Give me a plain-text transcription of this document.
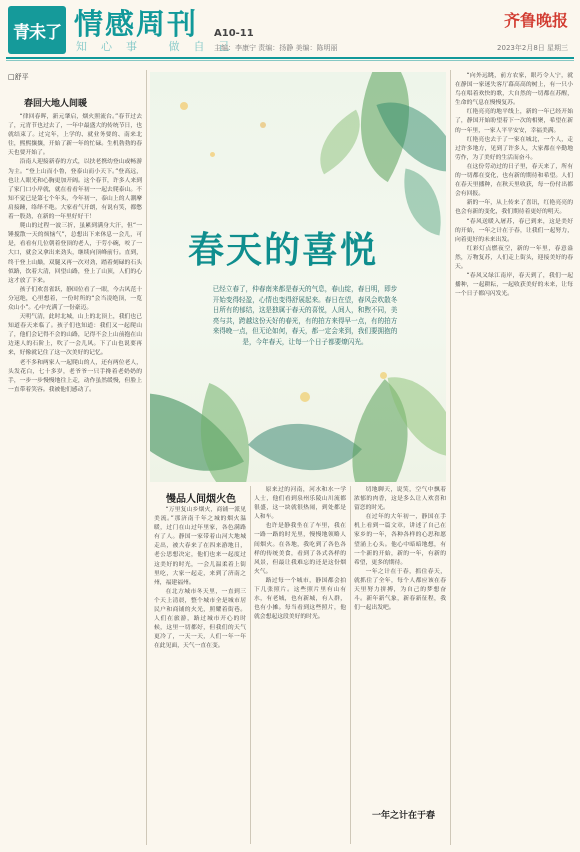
青未了 情感周刊
知心事 做自己
A10-11
主编：李康宁 责编：扬静 美编：陈明丽
齐鲁晚报
2023年2月8日 星期三
□舒平
春回大地人间暖

“律回春晖，新元肇启，烟火照流台。”春节过去了，元宵节也过去了，一年中最盛大的传统节日，也就结束了。过完年，上学的、就业务要的、南来北往，熙熙攘攘，开始了新一年的忙碌。生机勃勃的春天也要开始了。

沿南人迎接新春的方式，以扶老携幼登山或畅游为主。“登上山而小鲁，登泰山而小天下。”登高远，也让人眼光和心胸更加开阔。这个春节，许多人来到了家门口小岸就，就在看看年初一一起去爬泰山。不知不觉已是第七个年头，今年初一，泰山上的人潮摩肩接踵，络绎不绝。大家看气开朗，有说有笑，都憋着一股劲，在新的一年里好好干！

爬山的过程一波三折，虽累到满身大汗，但“一锤搅散一天的烦恼气”，总想出下来休息一会儿，可是，看看有几位朝着登顶的老人，于劳小碗，咬了一大口，就会又拿出来劲头，继续向顶峰前行。直到，终于登上山巅，双腿又再一次对劲，踏着刻碌的石头似路，饮着大清，回望山路，登上了山顶，人们的心这才放了下来。

孩子们欢喜雀跃，静国位看了一眼，今古风范十分冠绝，心里想着，一份时所的“会当凌绝顶，一览众山小”。心中充满了一份豪迈。

天明气清，此时北城，山上的北顶上，我们也已知道春天来临了。孩子们也知道：我们又一起爬山了，他们会记得不会的山路，记得不会上山前抱在山边迷人的石阶上，吹了一会儿风。下了山也说要再来，好像就记住了这一次美好的记忆。

老不多和两家人一起爬山的人，还有两位老人，头发花白，七十多岁，老爷爷一只手搀着老奶奶的手，一步一步慢慢地往上走，动作虽然缓慢，但脸上一直带着笑容。我被他们感动了。

春天的喜悦
已经立春了，仲春南来都是春天的气息，春山绽，春日明，即步开始变得轻盈，心情也变得舒展起来。春日在望，春风会吹散冬日所有的郁结，这是独属于春天的喜悦，人间人，和煦不同，美亮与共，跨越这份天好的春光，有的拍方来得早一点，有的拍方来得晚一点，但无论如何，春天，都一定会来到，我们要拥抱的是，今年春天，让每一个日子都要燎闪光。

“向外远眺，前方农家，眼巧令人宁，就在静国一家迷失客厅幕高高的树上，有一只小鸟在唱着欢快的歌，大自然的一切都在苏醒，生命的气息在慢慢复苏。

红艳亮亮的地平线上，新的一年已经开始了，静国开始盼望着下一次的相聚，希望在新的一年里，一家人平平安安，幸福美满。

红艳亮也去于了一家在城北，一个人，走过许多地方，见到了许多人，大家都在辛勤地劳作，为了美好的生活而奋斗。

在这份劳动过的日子里，春天来了，所有的一切都在变化，也有新的期待和希望。人们在春天里播种，在秋天里收获，每一份付出都会有回报。

新的一年，从上传来了喜讯，红艳亮亮的也会有新的变化，我们期待着更好的明天。

“春风送暖入屠苏，春已到来，这是美好的开始，一年之计在于春，让我们一起努力，向着更好的未来出发。

红彩灯点燃夜空，新的一年里，春意盎然，万物复苏，人们走上街头，迎接美好的春天。

“春风又绿江南岸，春天到了，我们一起播种，一起耕耘，一起收获美好的未来，让每一个日子都闪闪发光。

慢品人间烟火色

“万里复山乡烟火，商铺一派见美流。”那济南千年之城的烟火温暖，过门在山过年里家，各色满路有了人。静国一家带着山河大地城走出，被大春来了在四来游地日，老公思想决定，他们也来一起度过这美好的时光，一会儿温柔着上街里吃，大家一起走，来到了济南之州，福建福州。

在北方城市冬天里，一直到三个天上清晨，整个城市全是城市居民户和商铺的火光，照耀着街巷。人们在旅游，路过城市开心的时候，这里一切都好，但我们的天气更冷了，一天一天，人们一年一年在此见面，天气一直在变。

原来过的河南，河水和水一学人士，他们看到泉州乐陵山川流都很盛，这一块就很热闹，到处都是人和车。

也许是静我坐在了车里，我在一路一路的时光里，慢慢地领略人间烟火。在各地，我吃到了各色各样的传统美食，看到了各式各样的风景，但最让我难忘的还是这份烟火气。

路过每一个城市，静国都会拍下几张照片。这些照片里有山有水，有老城，也有新城，有人群，也有小摊。每当看到这些照片，他就会想起这段美好的时光。

切地聊天，说笑，空气中飘着浓郁的肉香，这是多么让人欢喜和留恋的时光。

在过年的大年初一，静国在手机上看到一篇文章，讲述了自己在家乡的一年，各种各样的心思和愿望涌上心头。他心中暗暗地想，有一个新的开始，新的一年，有新的希望，更多的期待。

一年之计在于春，抓住春天，就抓住了全年，每个人都应该在春天里努力拼搏，为自己的梦想奋斗。新年新气象，新春新征程，我们一起出发吧。

一年之计在于春
